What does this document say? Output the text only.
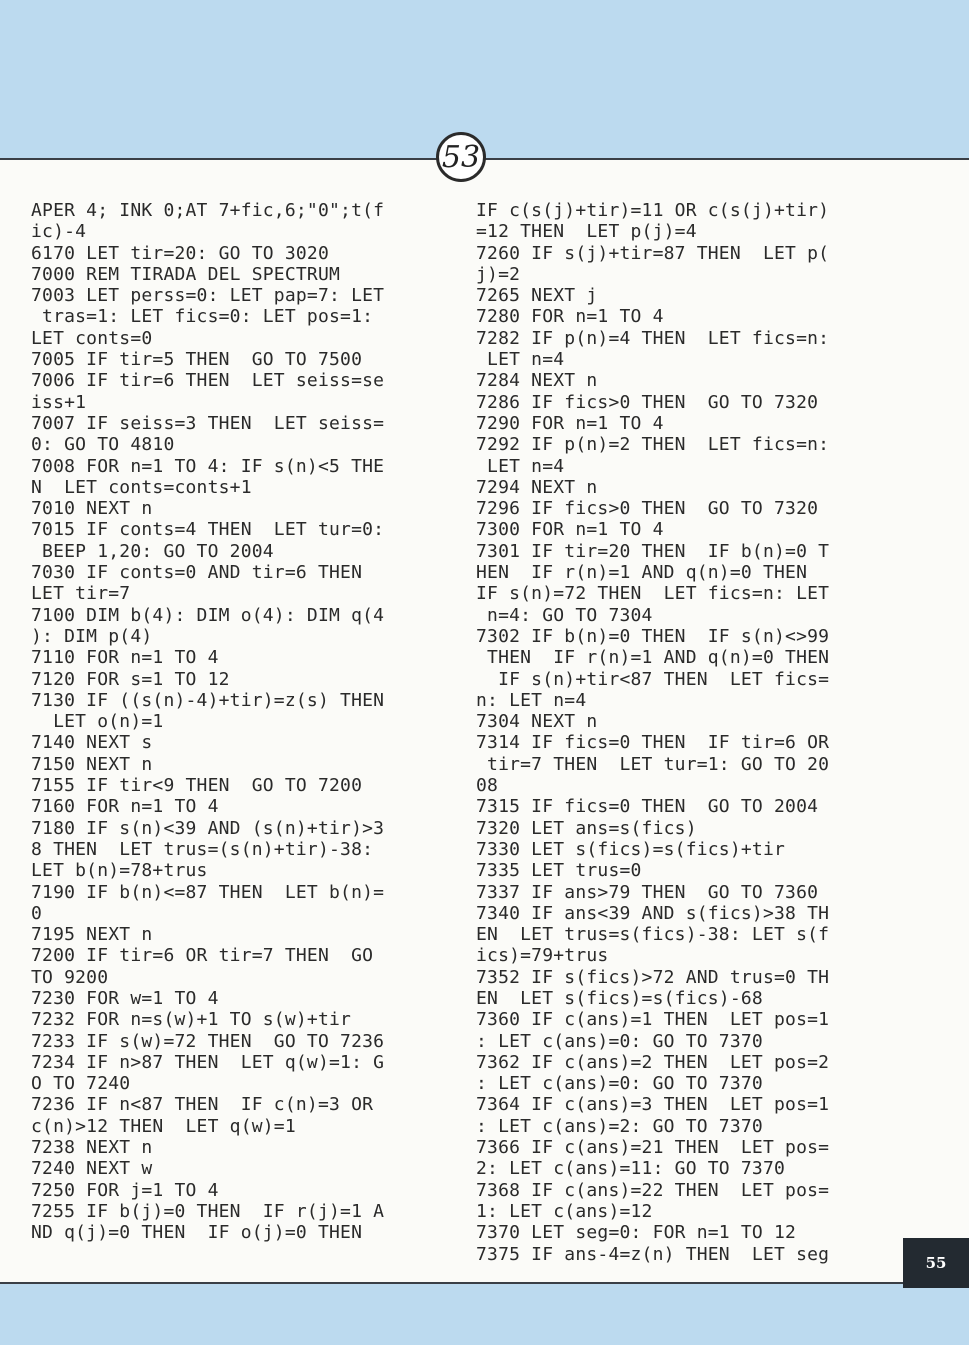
53
APER 4; INK 0;AT 7+fic,6;"0";t(f
ic)-4
6170 LET tir=20: GO TO 3020
7000 REM TIRADA DEL SPECTRUM
7003 LET perss=0: LET pap=7: LET
tras=1: LET fics=0: LET pos=1:
LET conts=0
7005 IF tir=5 THEN  GO TO 7500
7006 IF tir=6 THEN  LET seiss=se
iss+1
7007 IF seiss=3 THEN  LET seiss=
0: GO TO 4810
7008 FOR n=1 TO 4: IF s(n)<5 THE
N  LET conts=conts+1
7010 NEXT n
7015 IF conts=4 THEN  LET tur=0:
BEEP 1,20: GO TO 2004
7030 IF conts=0 AND tir=6 THEN
LET tir=7
7100 DIM b(4): DIM o(4): DIM q(4
): DIM p(4)
7110 FOR n=1 TO 4
7120 FOR s=1 TO 12
7130 IF ((s(n)-4)+tir)=z(s) THEN
LET o(n)=1
7140 NEXT s
7150 NEXT n
7155 IF tir<9 THEN  GO TO 7200
7160 FOR n=1 TO 4
7180 IF s(n)<39 AND (s(n)+tir)>3
8 THEN  LET trus=(s(n)+tir)-38:
LET b(n)=78+trus
7190 IF b(n)<=87 THEN  LET b(n)=
0
7195 NEXT n
7200 IF tir=6 OR tir=7 THEN  GO
TO 9200
7230 FOR w=1 TO 4
7232 FOR n=s(w)+1 TO s(w)+tir
7233 IF s(w)=72 THEN  GO TO 7236
7234 IF n>87 THEN  LET q(w)=1: G
O TO 7240
7236 IF n<87 THEN  IF c(n)=3 OR
c(n)>12 THEN  LET q(w)=1
7238 NEXT n
7240 NEXT w
7250 FOR j=1 TO 4
7255 IF b(j)=0 THEN  IF r(j)=1 A
ND q(j)=0 THEN  IF o(j)=0 THEN
IF c(s(j)+tir)=11 OR c(s(j)+tir)
=12 THEN  LET p(j)=4
7260 IF s(j)+tir=87 THEN  LET p(
j)=2
7265 NEXT j
7280 FOR n=1 TO 4
7282 IF p(n)=4 THEN  LET fics=n:
LET n=4
7284 NEXT n
7286 IF fics>0 THEN  GO TO 7320
7290 FOR n=1 TO 4
7292 IF p(n)=2 THEN  LET fics=n:
LET n=4
7294 NEXT n
7296 IF fics>0 THEN  GO TO 7320
7300 FOR n=1 TO 4
7301 IF tir=20 THEN  IF b(n)=0 T
HEN  IF r(n)=1 AND q(n)=0 THEN
IF s(n)=72 THEN  LET fics=n: LET
n=4: GO TO 7304
7302 IF b(n)=0 THEN  IF s(n)<>99
THEN  IF r(n)=1 AND q(n)=0 THEN
IF s(n)+tir<87 THEN  LET fics=
n: LET n=4
7304 NEXT n
7314 IF fics=0 THEN  IF tir=6 OR
tir=7 THEN  LET tur=1: GO TO 20
08
7315 IF fics=0 THEN  GO TO 2004
7320 LET ans=s(fics)
7330 LET s(fics)=s(fics)+tir
7335 LET trus=0
7337 IF ans>79 THEN  GO TO 7360
7340 IF ans<39 AND s(fics)>38 TH
EN  LET trus=s(fics)-38: LET s(f
ics)=79+trus
7352 IF s(fics)>72 AND trus=0 TH
EN  LET s(fics)=s(fics)-68
7360 IF c(ans)=1 THEN  LET pos=1
: LET c(ans)=0: GO TO 7370
7362 IF c(ans)=2 THEN  LET pos=2
: LET c(ans)=0: GO TO 7370
7364 IF c(ans)=3 THEN  LET pos=1
: LET c(ans)=2: GO TO 7370
7366 IF c(ans)=21 THEN  LET pos=
2: LET c(ans)=11: GO TO 7370
7368 IF c(ans)=22 THEN  LET pos=
1: LET c(ans)=12
7370 LET seg=0: FOR n=1 TO 12
7375 IF ans-4=z(n) THEN  LET seg	55
